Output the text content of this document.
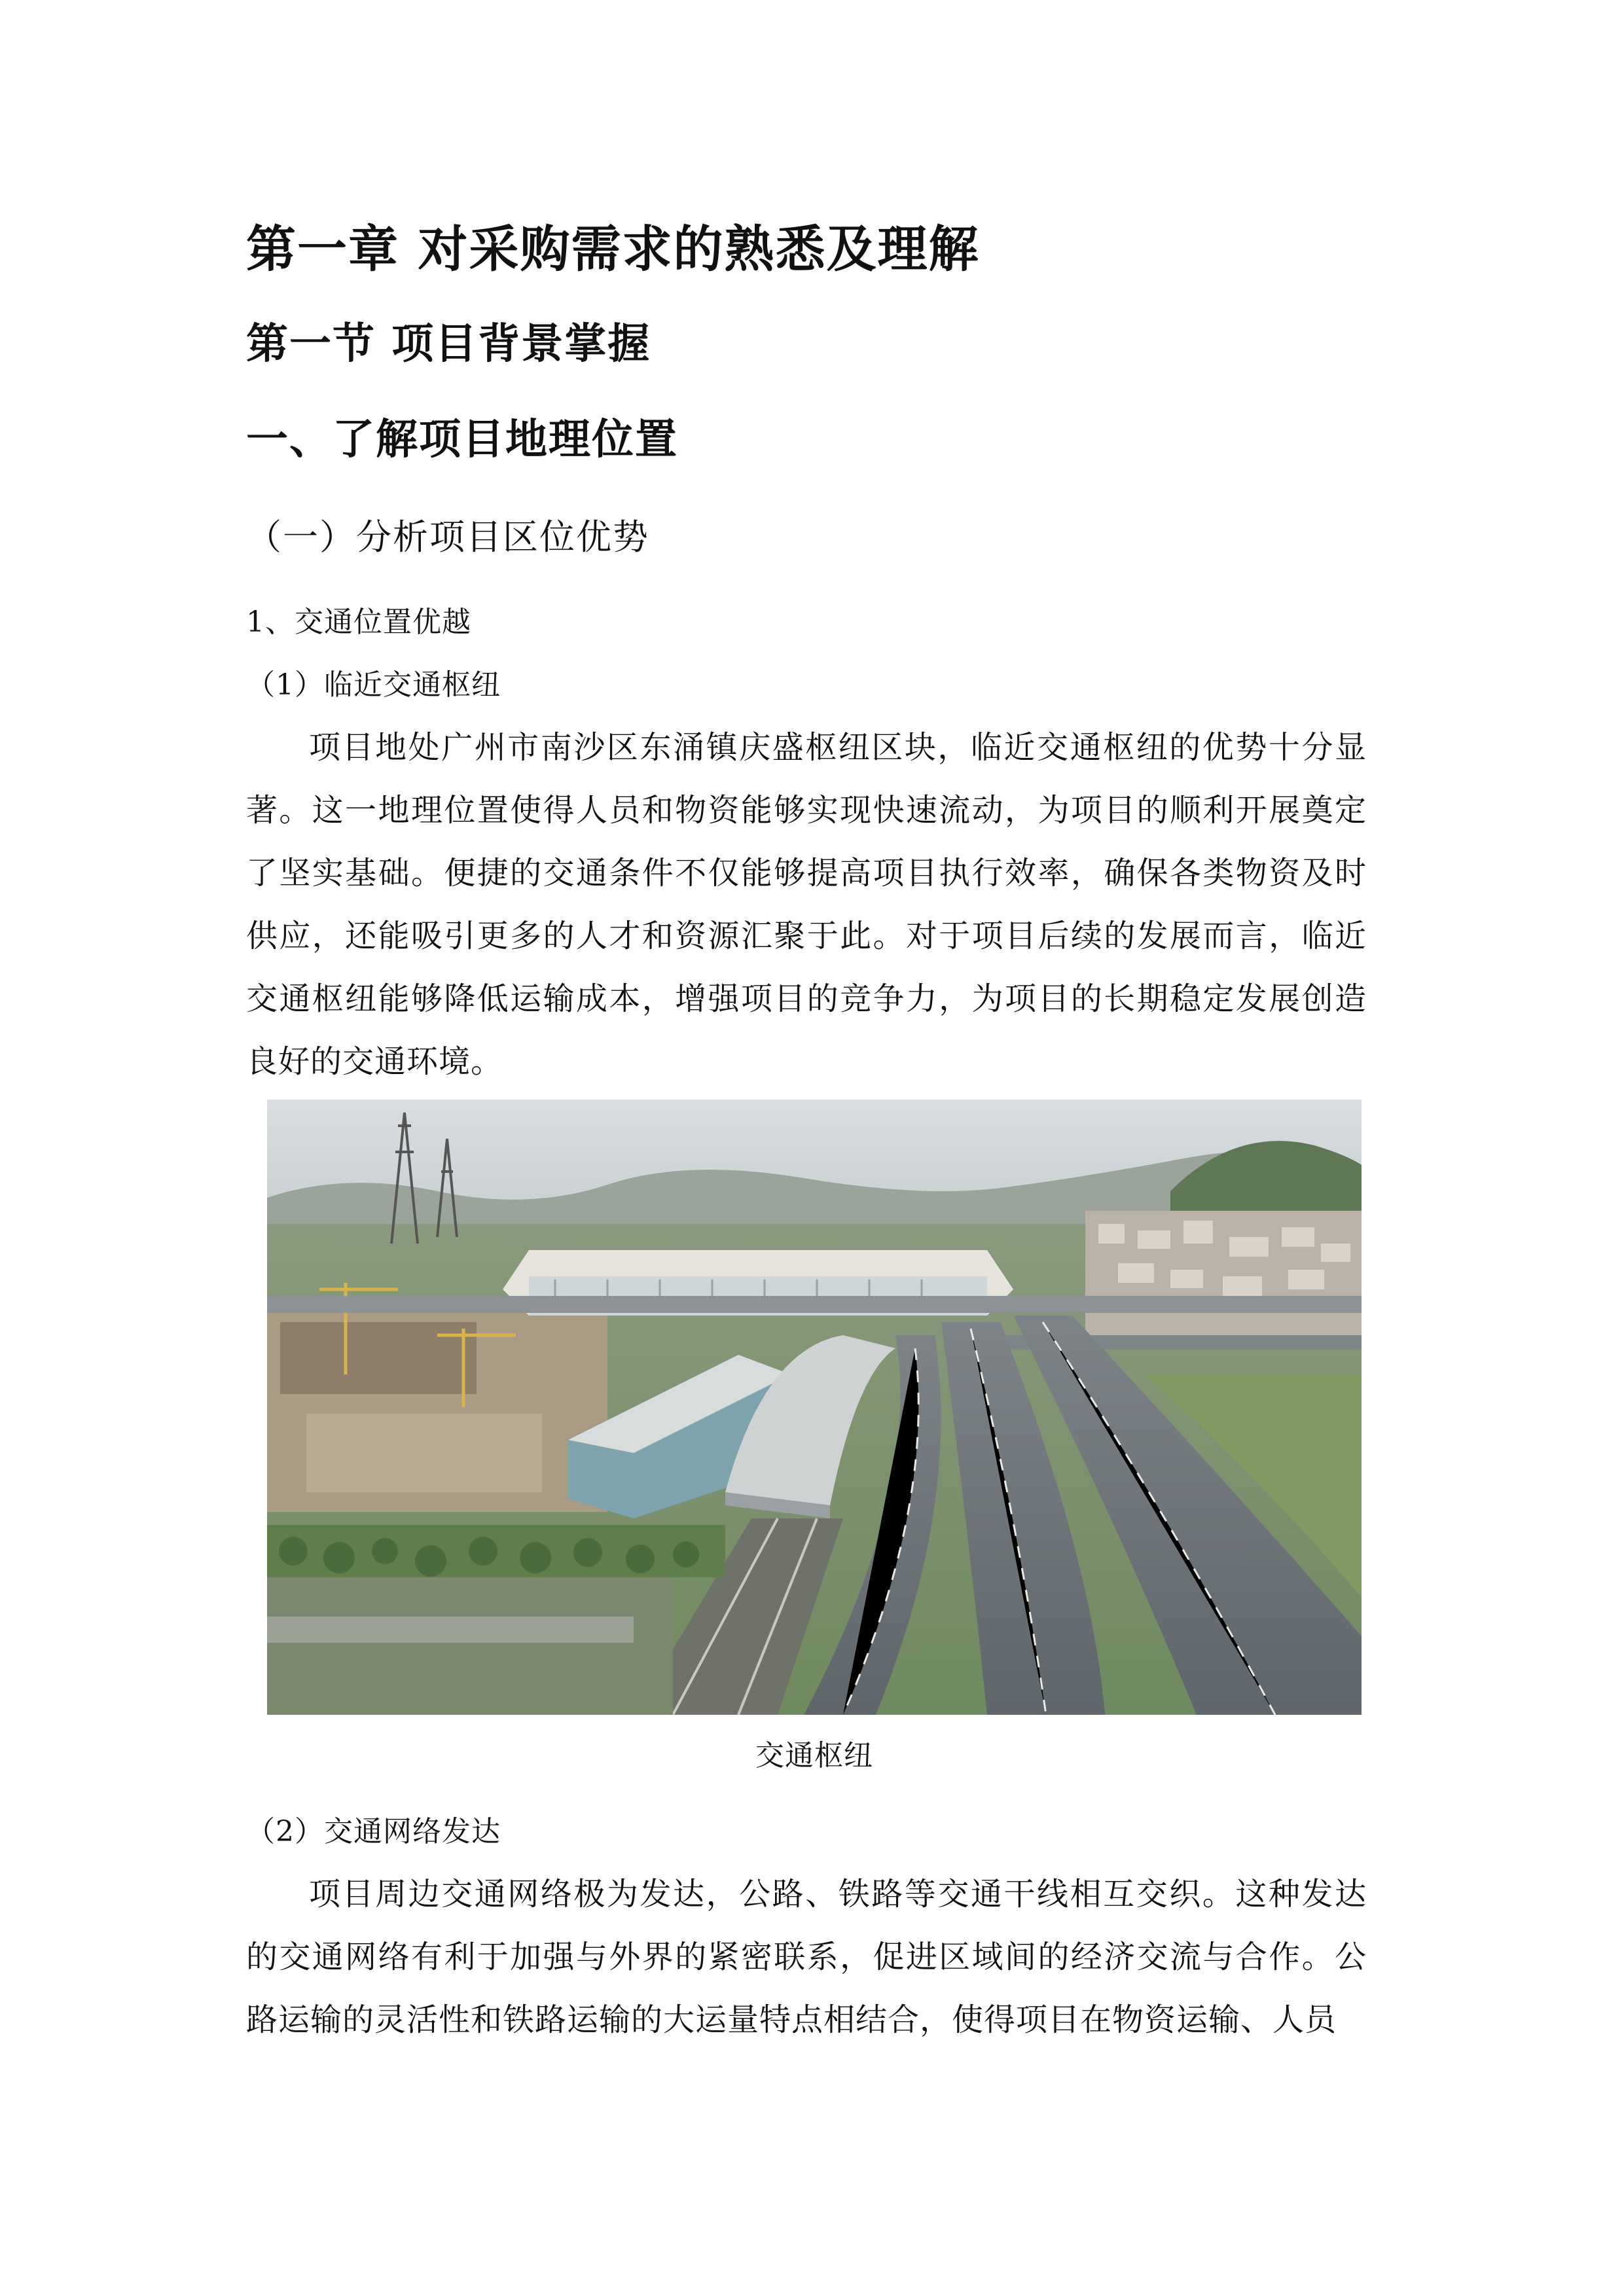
第一章 对采购需求的熟悉及理解
第一节 项目背景掌握
一、了解项目地理位置
（一）分析项目区位优势
1、交通位置优越
（1）临近交通枢纽
项目地处广州市南沙区东涌镇庆盛枢纽区块，临近交通枢纽的优势十分显著。这一地理位置使得人员和物资能够实现快速流动，为项目的顺利开展奠定了坚实基础。便捷的交通条件不仅能够提高项目执行效率，确保各类物资及时供应，还能吸引更多的人才和资源汇聚于此。对于项目后续的发展而言，临近交通枢纽能够降低运输成本，增强项目的竞争力，为项目的长期稳定发展创造良好的交通环境。
交通枢纽
（2）交通网络发达
项目周边交通网络极为发达，公路、铁路等交通干线相互交织。这种发达的交通网络有利于加强与外界的紧密联系，促进区域间的经济交流与合作。公路运输的灵活性和铁路运输的大运量特点相结合，使得项目在物资运输、人员
